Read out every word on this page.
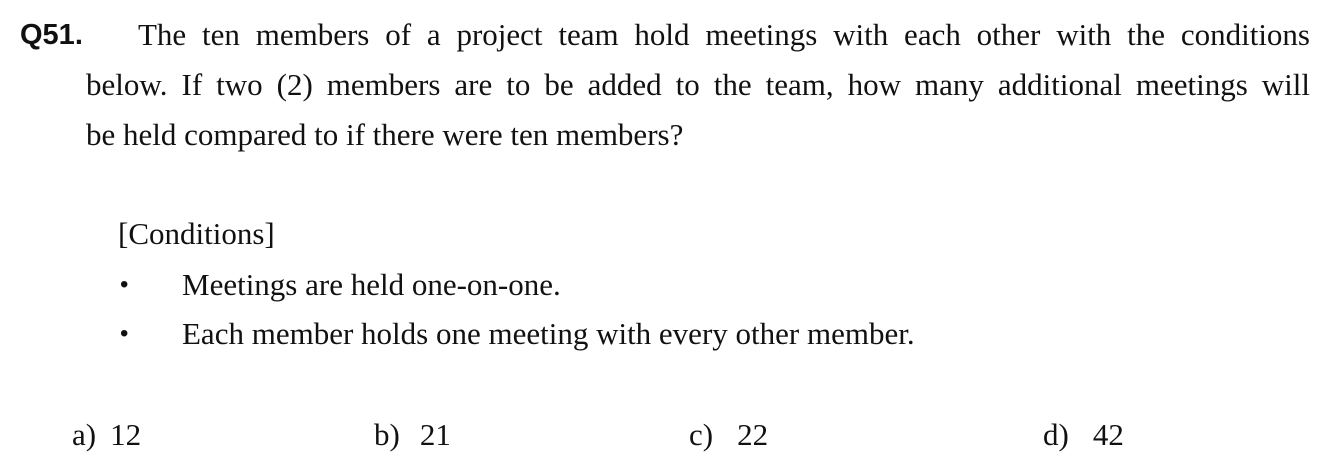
Q51. The ten members of a project team hold meetings with each other with the conditions
below. If two (2) members are to be added to the team, how many additional meetings will
be held compared to if there were ten members?
[Conditions]
• Meetings are held one-on-one.
• Each member holds one meeting with every other member.
a) 12	b) 21	c) 22	d) 42
